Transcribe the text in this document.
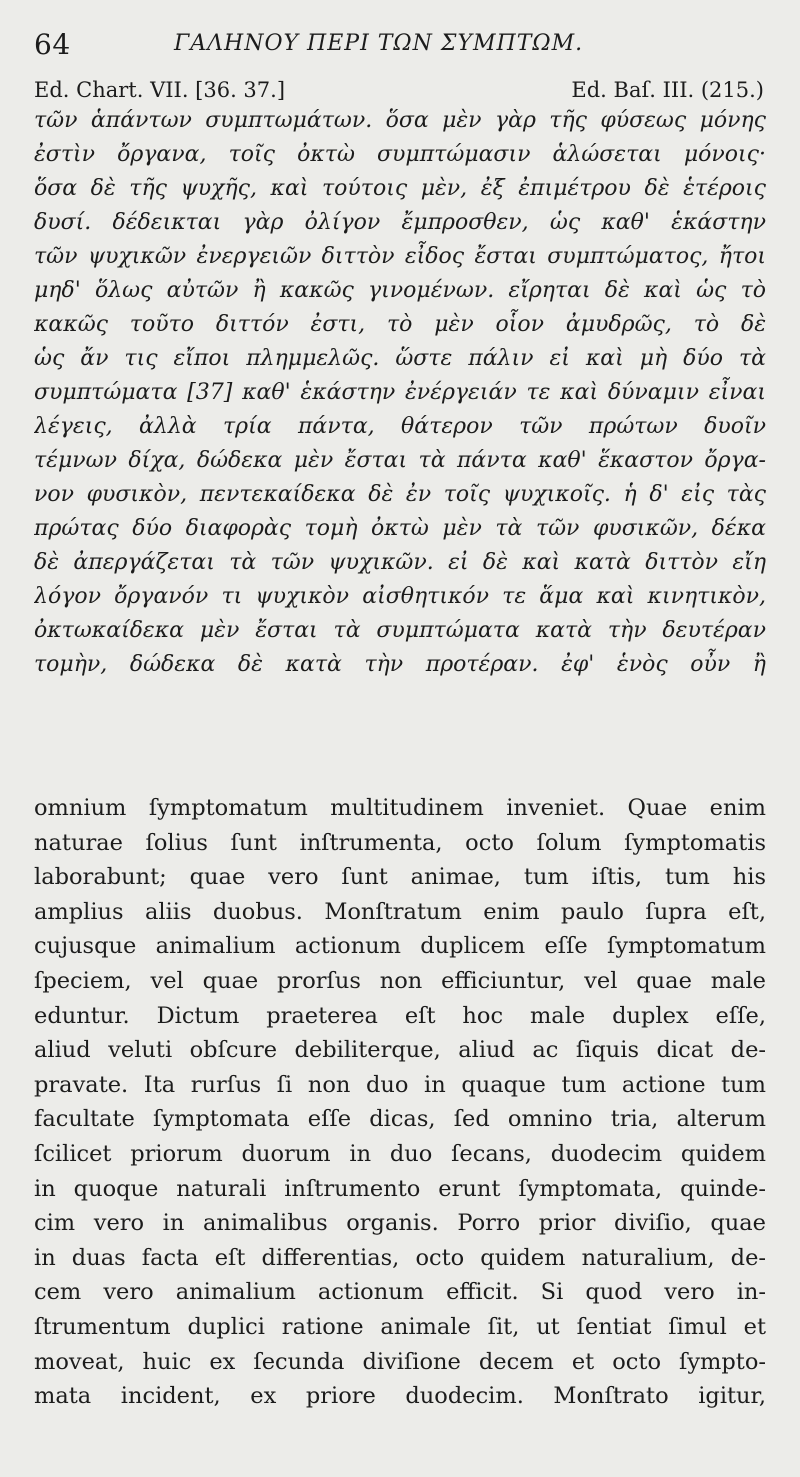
64	ΓΑΛΗΝΟΥ ΠΕΡΙ ΤΩΝ ΣΥΜΠΤΩΜ.
Ed. Chart. VII. [36. 37.]	Ed. Baſ. III. (215.)
τῶν ἁπάντων συμπτωμάτων. ὅσα μὲν γὰρ τῆς φύσεως μόνης
ἐστὶν ὄργανα, τοῖς ὀκτὼ συμπτώμασιν ἁλώσεται μόνοις·
ὅσα δὲ τῆς ψυχῆς, καὶ τούτοις μὲν, ἐξ ἐπιμέτρου δὲ ἑτέροις
δυσί. δέδεικται γὰρ ὀλίγον ἔμπροσθεν, ὡς καθ' ἑκάστην
τῶν ψυχικῶν ἐνεργειῶν διττὸν εἶδος ἔσται συμπτώματος, ἤτοι
μηδ' ὅλως αὐτῶν ἢ κακῶς γινομένων. εἴρηται δὲ καὶ ὡς τὸ
κακῶς τοῦτο διττόν ἐστι, τὸ μὲν οἷον ἀμυδρῶς, τὸ δὲ
ὡς ἄν τις εἴποι πλημμελῶς. ὥστε πάλιν εἰ καὶ μὴ δύο τὰ
συμπτώματα [37] καθ' ἑκάστην ἐνέργειάν τε καὶ δύναμιν εἶναι
λέγεις, ἀλλὰ τρία πάντα, θάτερον τῶν πρώτων δυοῖν
τέμνων δίχα, δώδεκα μὲν ἔσται τὰ πάντα καθ' ἕκαστον ὄργα-
νον φυσικὸν, πεντεκαίδεκα δὲ ἐν τοῖς ψυχικοῖς. ἡ δ' εἰς τὰς
πρώτας δύο διαφορὰς τομὴ ὀκτὼ μὲν τὰ τῶν φυσικῶν, δέκα
δὲ ἀπεργάζεται τὰ τῶν ψυχικῶν. εἰ δὲ καὶ κατὰ διττὸν εἴη
λόγον ὄργανόν τι ψυχικὸν αἰσθητικόν τε ἅμα καὶ κινητικὸν,
ὀκτωκαίδεκα μὲν ἔσται τὰ συμπτώματα κατὰ τὴν δευτέραν
τομὴν, δώδεκα δὲ κατὰ τὴν προτέραν. ἐφ' ἑνὸς οὖν ἢ
omnium ſymptomatum multitudinem inveniet. Quae enim
naturae ſolius ſunt inſtrumenta, octo ſolum ſymptomatis
laborabunt; quae vero ſunt animae, tum iſtis, tum his
amplius aliis duobus. Monſtratum enim paulo ſupra eſt,
cujusque animalium actionum duplicem eſſe ſymptomatum
ſpeciem, vel quae prorſus non efficiuntur, vel quae male
eduntur. Dictum praeterea eſt hoc male duplex eſſe,
aliud veluti obſcure debiliterque, aliud ac ſiquis dicat de-
pravate. Ita rurſus ſi non duo in quaque tum actione tum
facultate ſymptomata eſſe dicas, ſed omnino tria, alterum
ſcilicet priorum duorum in duo ſecans, duodecim quidem
in quoque naturali inſtrumento erunt ſymptomata, quinde-
cim vero in animalibus organis. Porro prior diviſio, quae
in duas facta eſt differentias, octo quidem naturalium, de-
cem vero animalium actionum efficit. Si quod vero in-
ſtrumentum duplici ratione animale ſit, ut ſentiat ſimul et
moveat, huic ex ſecunda diviſione decem et octo ſympto-
mata incident, ex priore duodecim. Monſtrato igitur,
